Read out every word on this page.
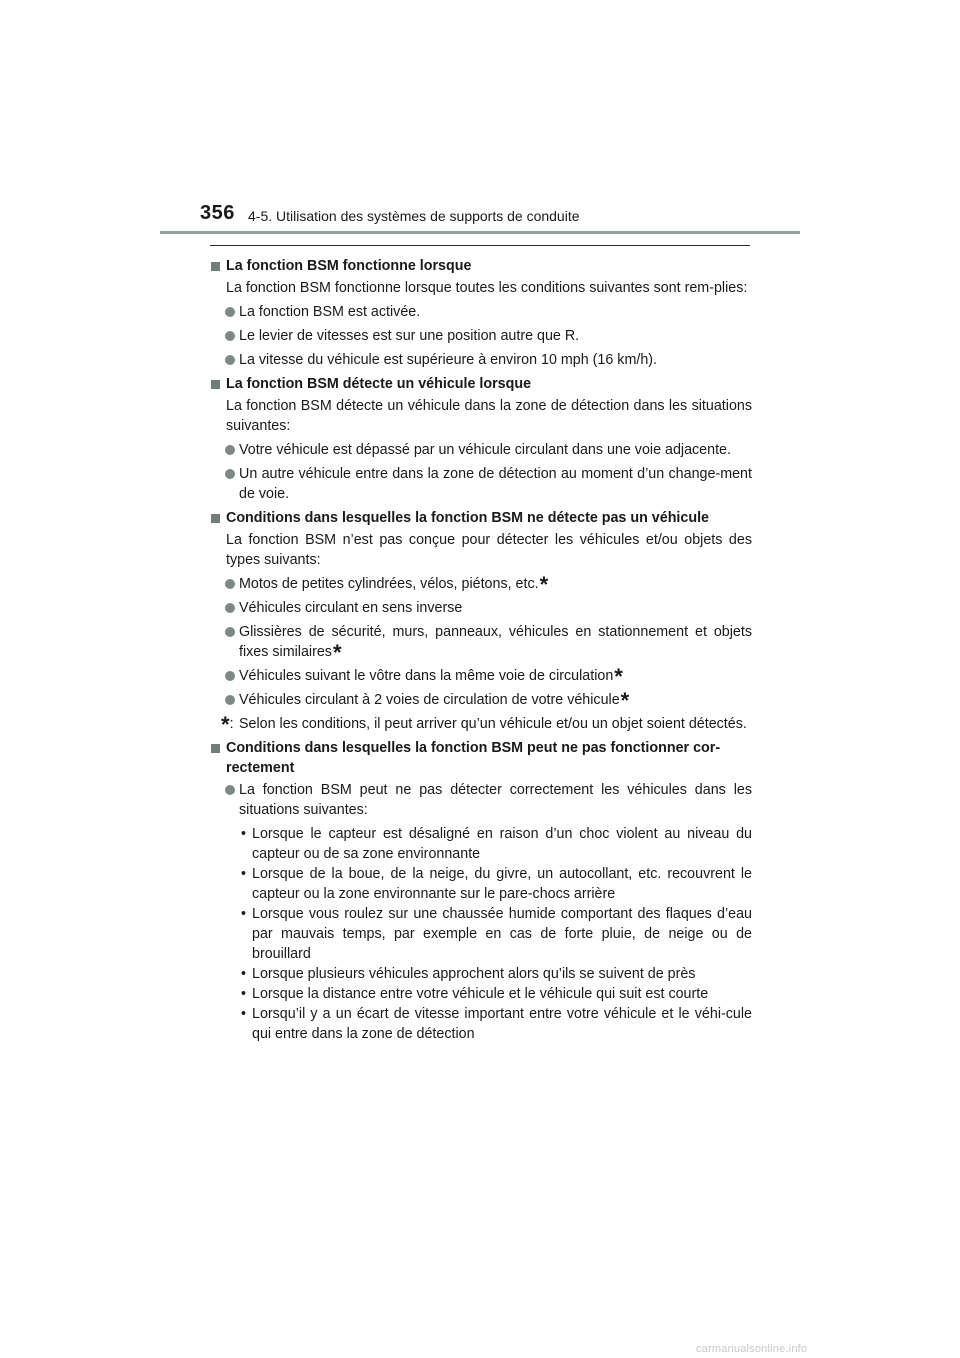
356 4-5. Utilisation des systèmes de supports de conduite
La fonction BSM fonctionne lorsque
La fonction BSM fonctionne lorsque toutes les conditions suivantes sont rem-plies:
La fonction BSM est activée.
Le levier de vitesses est sur une position autre que R.
La vitesse du véhicule est supérieure à environ 10 mph (16 km/h).
La fonction BSM détecte un véhicule lorsque
La fonction BSM détecte un véhicule dans la zone de détection dans les situations suivantes:
Votre véhicule est dépassé par un véhicule circulant dans une voie adjacente.
Un autre véhicule entre dans la zone de détection au moment d’un change-ment de voie.
Conditions dans lesquelles la fonction BSM ne détecte pas un véhicule
La fonction BSM n’est pas conçue pour détecter les véhicules et/ou objets des types suivants:
Motos de petites cylindrées, vélos, piétons, etc.*
Véhicules circulant en sens inverse
Glissières de sécurité, murs, panneaux, véhicules en stationnement et objets fixes similaires*
Véhicules suivant le vôtre dans la même voie de circulation*
Véhicules circulant à 2 voies de circulation de votre véhicule*
*: Selon les conditions, il peut arriver qu’un véhicule et/ou un objet soient détectés.
Conditions dans lesquelles la fonction BSM peut ne pas fonctionner cor-rectement
La fonction BSM peut ne pas détecter correctement les véhicules dans les situations suivantes:
• Lorsque le capteur est désaligné en raison d’un choc violent au niveau du capteur ou de sa zone environnante
• Lorsque de la boue, de la neige, du givre, un autocollant, etc. recouvrent le capteur ou la zone environnante sur le pare-chocs arrière
• Lorsque vous roulez sur une chaussée humide comportant des flaques d’eau par mauvais temps, par exemple en cas de forte pluie, de neige ou de brouillard
• Lorsque plusieurs véhicules approchent alors qu’ils se suivent de près
• Lorsque la distance entre votre véhicule et le véhicule qui suit est courte
• Lorsqu’il y a un écart de vitesse important entre votre véhicule et le véhi-cule qui entre dans la zone de détection
carmanualsonline.info
